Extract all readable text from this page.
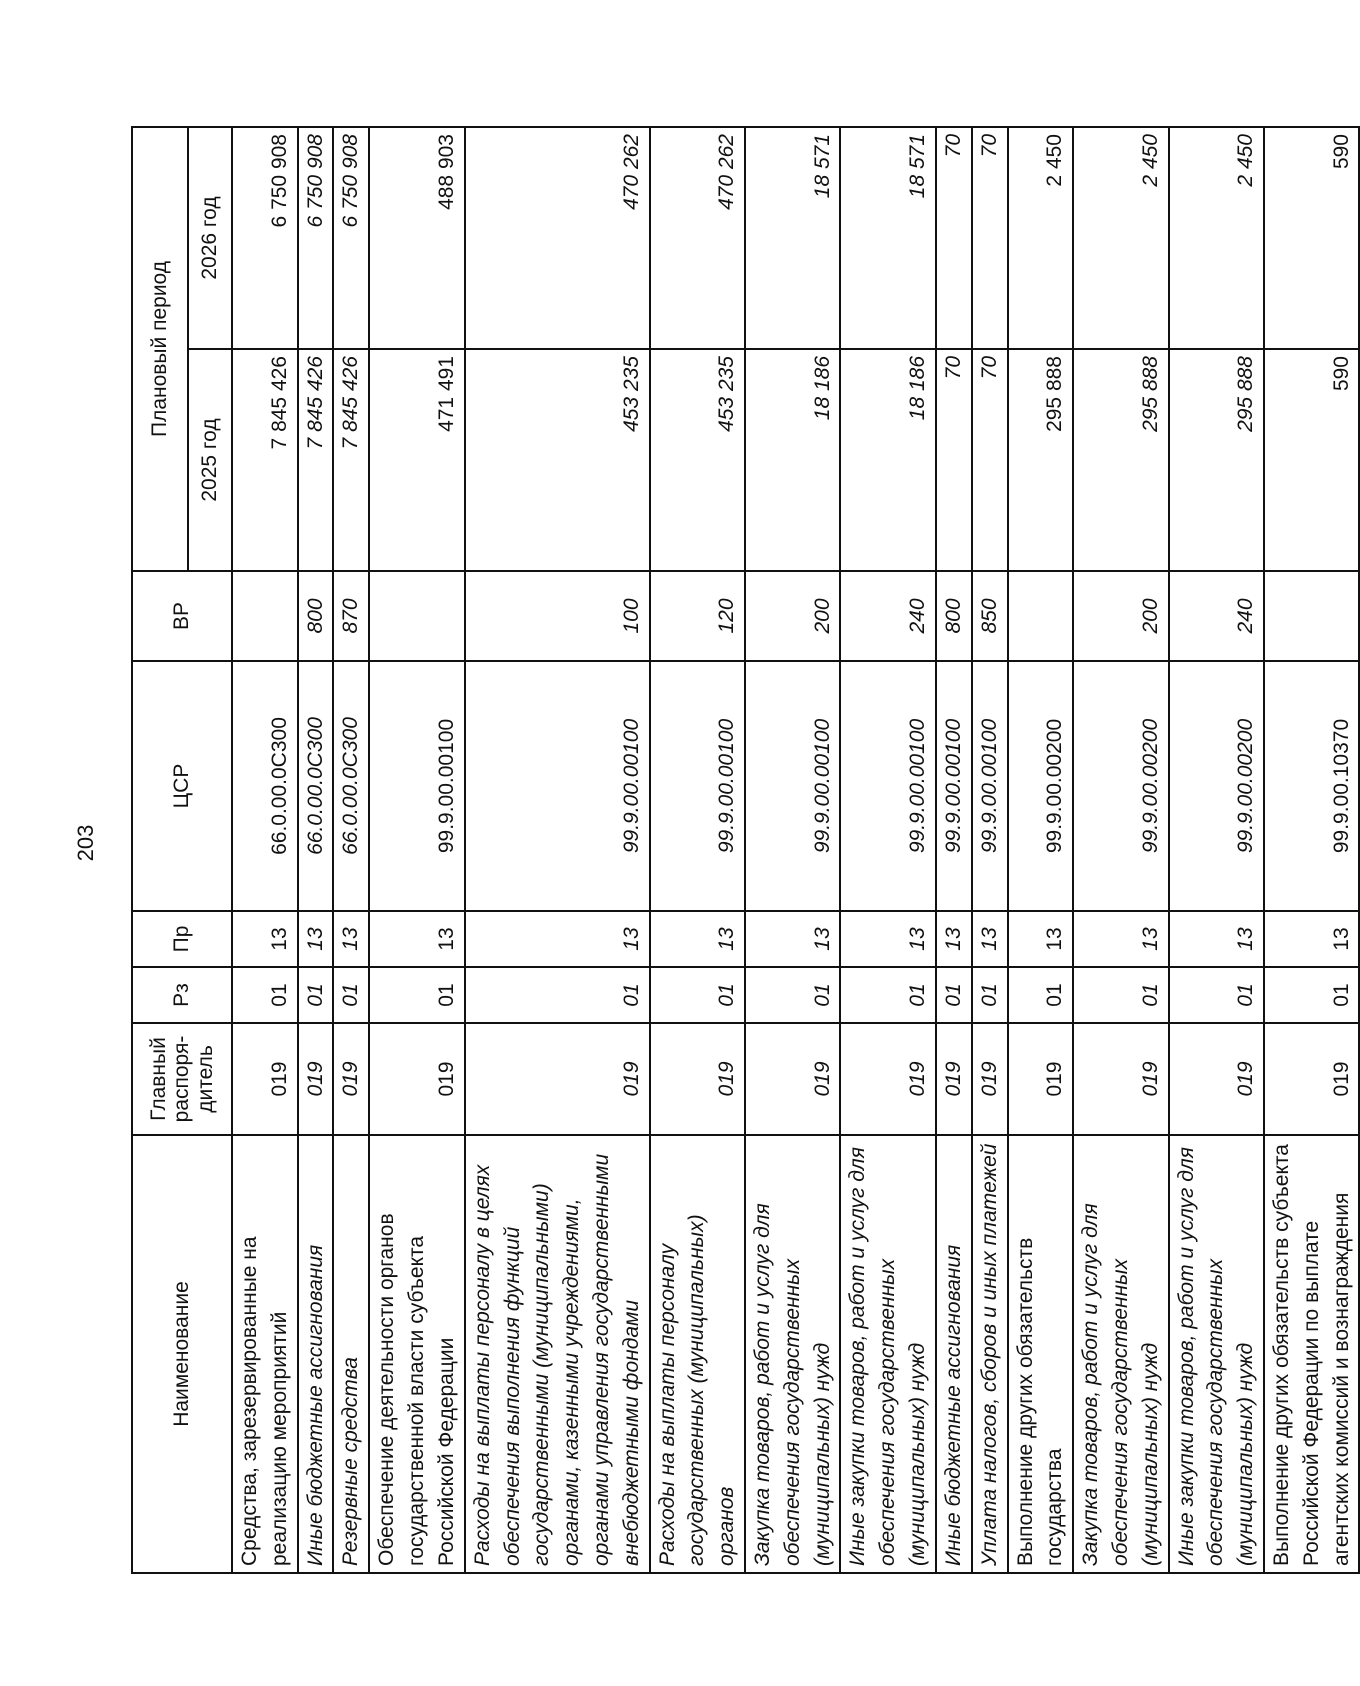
203
Наименование	Главный распоря-дитель	Рз	Пр	ЦСР	ВР	Плановый период	
						2025 год	2026 год
Средства, зарезервированные на реализацию мероприятий	019	01	13	66.0.00.0С300		7 845 426	6 750 908
Иные бюджетные ассигнования	019	01	13	66.0.00.0С300	800	7 845 426	6 750 908
Резервные средства	019	01	13	66.0.00.0С300	870	7 845 426	6 750 908
Обеспечение деятельности органов государственной власти субъекта Российской Федерации	019	01	13	99.9.00.00100		471 491	488 903
Расходы на выплаты персоналу в целях обеспечения выполнения функций государственными (муниципальными) органами, казенными учреждениями, органами управления государственными внебюджетными фондами	019	01	13	99.9.00.00100	100	453 235	470 262
Расходы на выплаты персоналу государственных (муниципальных) органов	019	01	13	99.9.00.00100	120	453 235	470 262
Закупка товаров, работ и услуг для обеспечения государственных (муниципальных) нужд	019	01	13	99.9.00.00100	200	18 186	18 571
Иные закупки товаров, работ и услуг для обеспечения государственных (муниципальных) нужд	019	01	13	99.9.00.00100	240	18 186	18 571
Иные бюджетные ассигнования	019	01	13	99.9.00.00100	800	70	70
Уплата налогов, сборов и иных платежей	019	01	13	99.9.00.00100	850	70	70
Выполнение других обязательств государства	019	01	13	99.9.00.00200		295 888	2 450
Закупка товаров, работ и услуг для обеспечения государственных (муниципальных) нужд	019	01	13	99.9.00.00200	200	295 888	2 450
Иные закупки товаров, работ и услуг для обеспечения государственных (муниципальных) нужд	019	01	13	99.9.00.00200	240	295 888	2 450
Выполнение других обязательств субъекта Российской Федерации по выплате агентских комиссий и вознаграждения	019	01	13	99.9.00.10370		590	590
